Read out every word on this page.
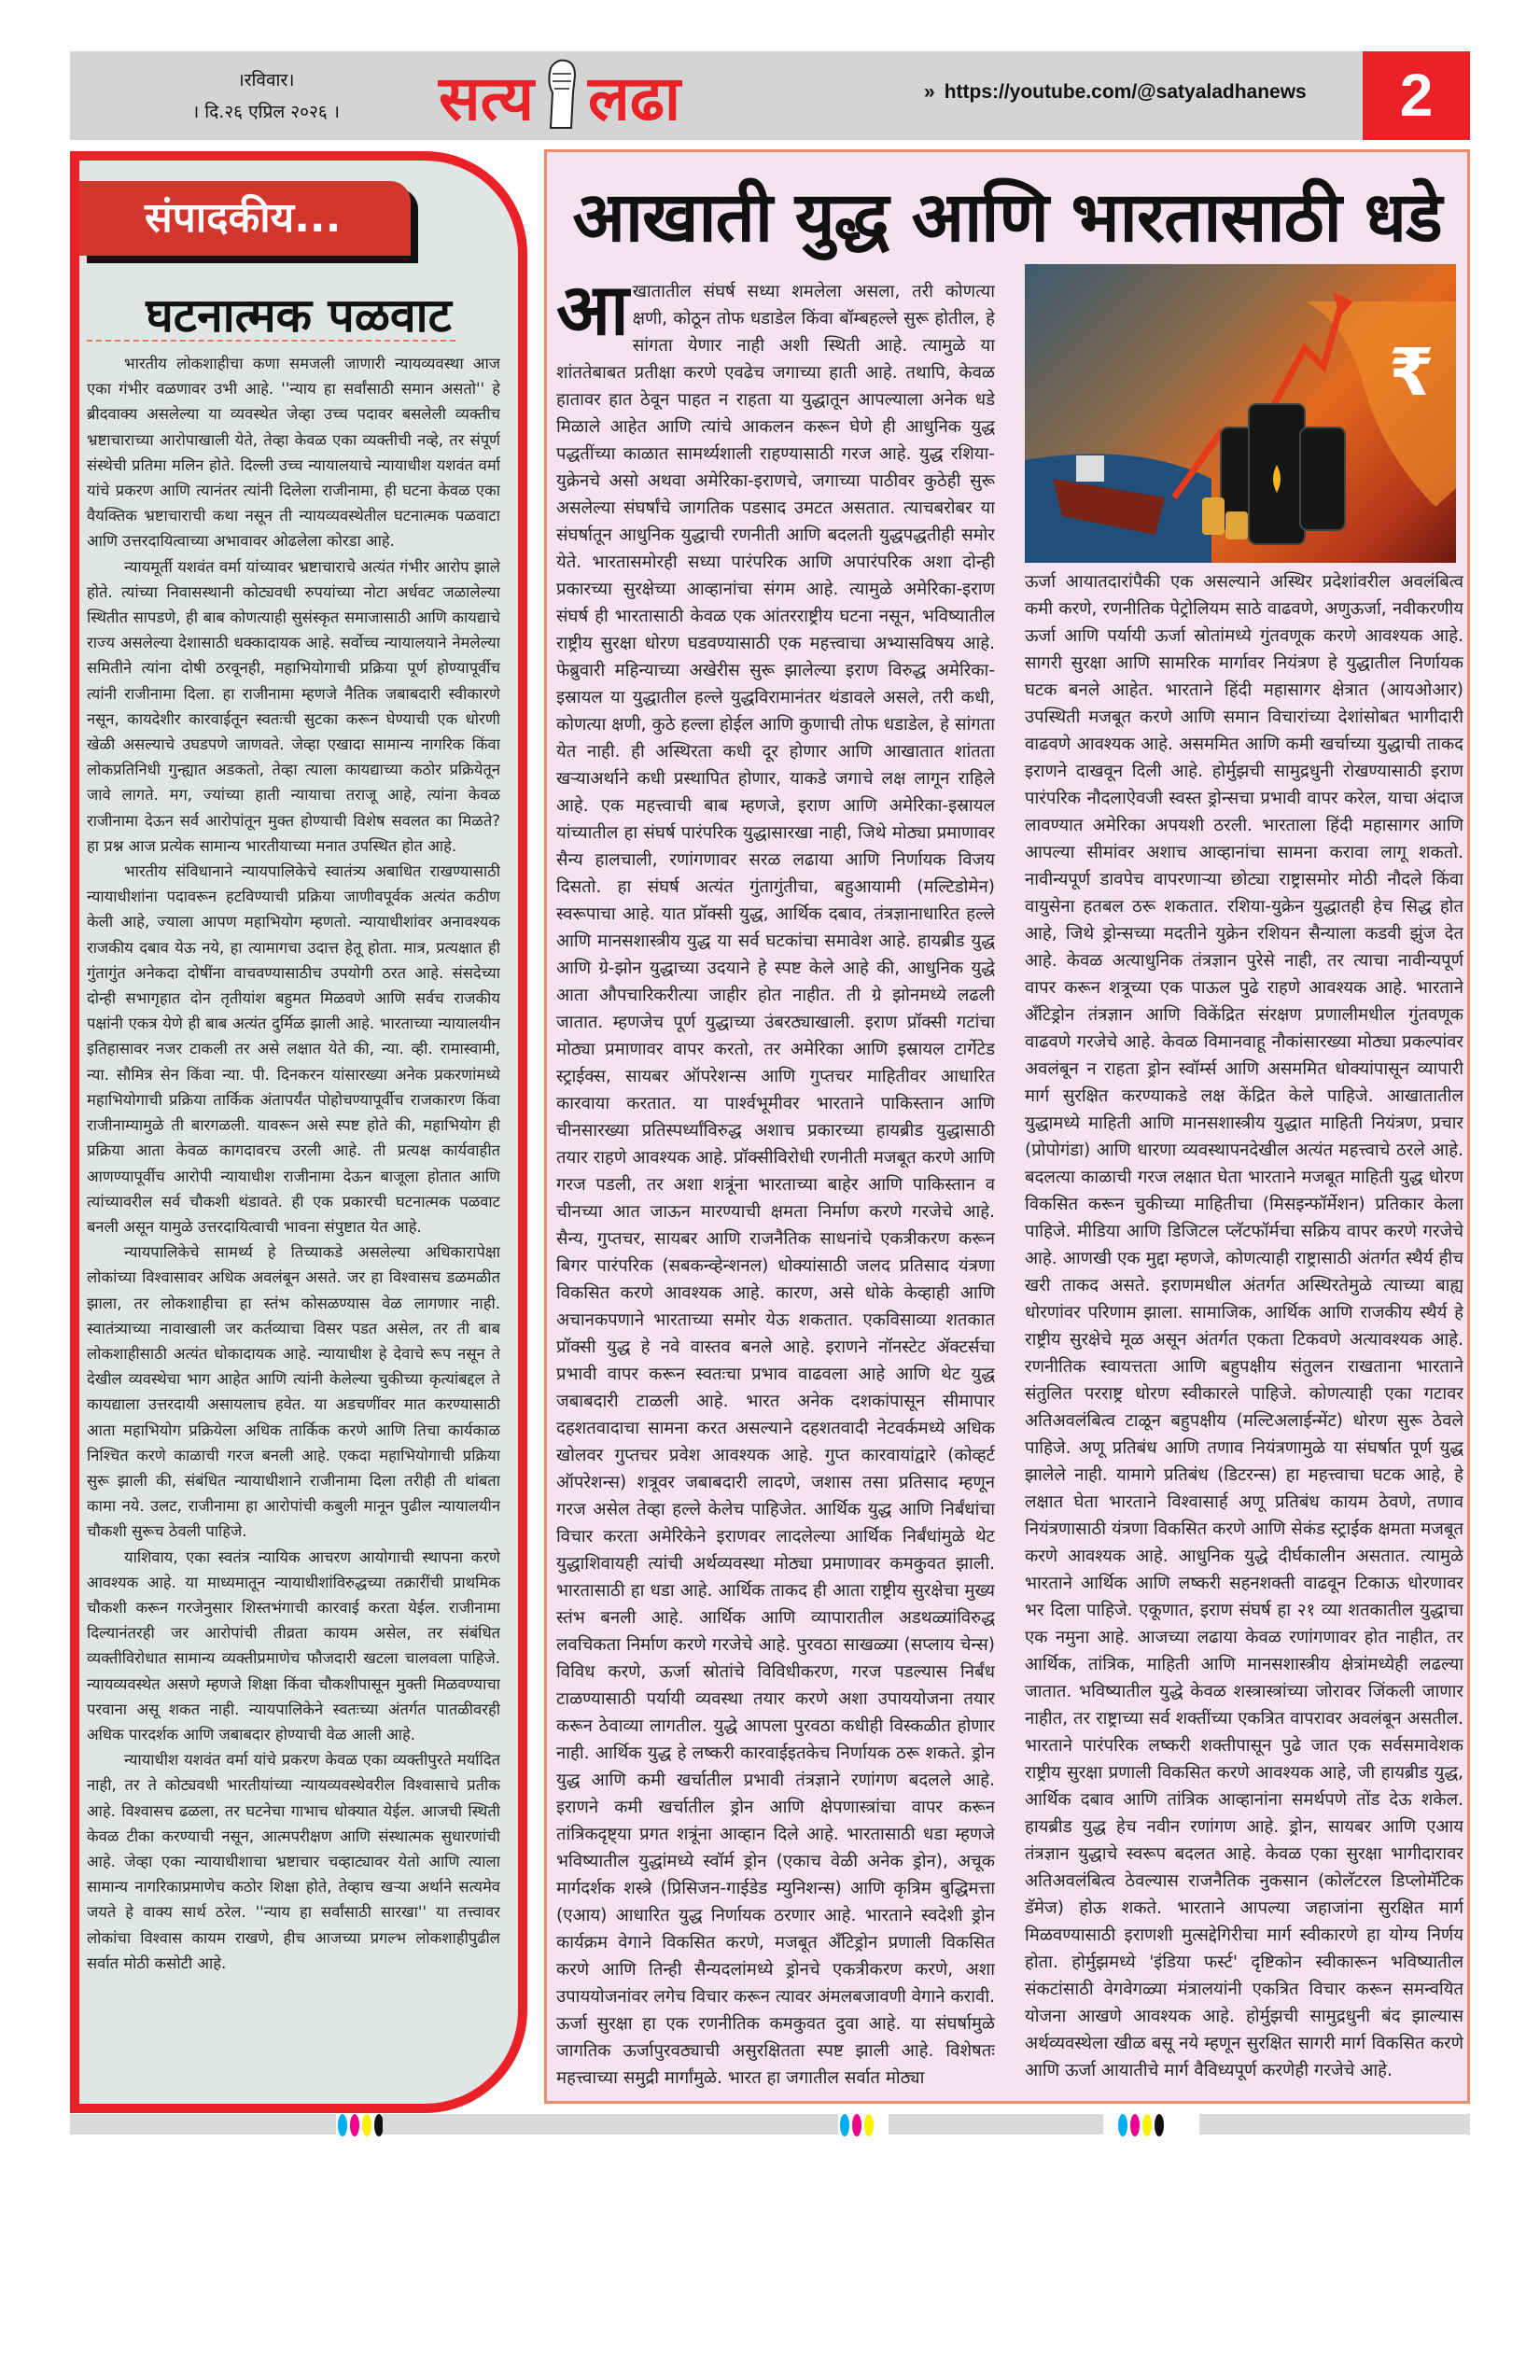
।रविवार।
। दि.२६ एप्रिल २०२६ ।	सत्य लढा	» https://youtube.com/@satyaladhanews	2
संपादकीय...
घटनात्मक पळवाट

भारतीय लोकशाहीचा कणा समजली जाणारी न्यायव्यवस्था आज एका गंभीर वळणावर उभी आहे. ''न्याय हा सर्वांसाठी समान असतो'' हे ब्रीदवाक्य असलेल्या या व्यवस्थेत जेव्हा उच्च पदावर बसलेली व्यक्तीच भ्रष्टाचाराच्या आरोपाखाली येते, तेव्हा केवळ एका व्यक्तीची नव्हे, तर संपूर्ण संस्थेची प्रतिमा मलिन होते. दिल्ली उच्च न्यायालयाचे न्यायाधीश यशवंत वर्मा यांचे प्रकरण आणि त्यानंतर त्यांनी दिलेला राजीनामा, ही घटना केवळ एका वैयक्तिक भ्रष्टाचाराची कथा नसून ती न्यायव्यवस्थेतील घटनात्मक पळवाटा आणि उत्तरदायित्वाच्या अभावावर ओढलेला कोरडा आहे.

न्यायमूर्ती यशवंत वर्मा यांच्यावर भ्रष्टाचाराचे अत्यंत गंभीर आरोप झाले होते. त्यांच्या निवासस्थानी कोट्यवधी रुपयांच्या नोटा अर्धवट जळालेल्या स्थितीत सापडणे, ही बाब कोणत्याही सुसंस्कृत समाजासाठी आणि कायद्याचे राज्य असलेल्या देशासाठी धक्कादायक आहे. सर्वोच्च न्यायालयाने नेमलेल्या समितीने त्यांना दोषी ठरवूनही, महाभियोगाची प्रक्रिया पूर्ण होण्यापूर्वीच त्यांनी राजीनामा दिला. हा राजीनामा म्हणजे नैतिक जबाबदारी स्वीकारणे नसून, कायदेशीर कारवाईतून स्वतःची सुटका करून घेण्याची एक धोरणी खेळी असल्याचे उघडपणे जाणवते. जेव्हा एखादा सामान्य नागरिक किंवा लोकप्रतिनिधी गुन्ह्यात अडकतो, तेव्हा त्याला कायद्याच्या कठोर प्रक्रियेतून जावे लागते. मग, ज्यांच्या हाती न्यायाचा तराजू आहे, त्यांना केवळ राजीनामा देऊन सर्व आरोपांतून मुक्त होण्याची विशेष सवलत का मिळते? हा प्रश्न आज प्रत्येक सामान्य भारतीयाच्या मनात उपस्थित होत आहे.

भारतीय संविधानाने न्यायपालिकेचे स्वातंत्र्य अबाधित राखण्यासाठी न्यायाधीशांना पदावरून हटविण्याची प्रक्रिया जाणीवपूर्वक अत्यंत कठीण केली आहे, ज्याला आपण महाभियोग म्हणतो. न्यायाधीशांवर अनावश्यक राजकीय दबाव येऊ नये, हा त्यामागचा उदात्त हेतू होता. मात्र, प्रत्यक्षात ही गुंतागुंत अनेकदा दोषींना वाचवण्यासाठीच उपयोगी ठरत आहे. संसदेच्या दोन्ही सभागृहात दोन तृतीयांश बहुमत मिळवणे आणि सर्वच राजकीय पक्षांनी एकत्र येणे ही बाब अत्यंत दुर्मिळ झाली आहे. भारताच्या न्यायालयीन इतिहासावर नजर टाकली तर असे लक्षात येते की, न्या. व्ही. रामास्वामी, न्या. सौमित्र सेन किंवा न्या. पी. दिनकरन यांसारख्या अनेक प्रकरणांमध्ये महाभियोगाची प्रक्रिया तार्किक अंतापर्यंत पोहोचण्यापूर्वीच राजकारण किंवा राजीनाम्यामुळे ती बारगळली. यावरून असे स्पष्ट होते की, महाभियोग ही प्रक्रिया आता केवळ कागदावरच उरली आहे. ती प्रत्यक्ष कार्यवाहीत आणण्यापूर्वीच आरोपी न्यायाधीश राजीनामा देऊन बाजूला होतात आणि त्यांच्यावरील सर्व चौकशी थंडावते. ही एक प्रकारची घटनात्मक पळवाट बनली असून यामुळे उत्तरदायित्वाची भावना संपुष्टात येत आहे.

न्यायपालिकेचे सामर्थ्य हे तिच्याकडे असलेल्या अधिकारापेक्षा लोकांच्या विश्वासावर अधिक अवलंबून असते. जर हा विश्वासच डळमळीत झाला, तर लोकशाहीचा हा स्तंभ कोसळण्यास वेळ लागणार नाही. स्वातंत्र्याच्या नावाखाली जर कर्तव्याचा विसर पडत असेल, तर ती बाब लोकशाहीसाठी अत्यंत धोकादायक आहे. न्यायाधीश हे देवाचे रूप नसून ते देखील व्यवस्थेचा भाग आहेत आणि त्यांनी केलेल्या चुकीच्या कृत्यांबद्दल ते कायद्याला उत्तरदायी असायलाच हवेत. या अडचणींवर मात करण्यासाठी आता महाभियोग प्रक्रियेला अधिक तार्किक करणे आणि तिचा कार्यकाळ निश्चित करणे काळाची गरज बनली आहे. एकदा महाभियोगाची प्रक्रिया सुरू झाली की, संबंधित न्यायाधीशाने राजीनामा दिला तरीही ती थांबता कामा नये. उलट, राजीनामा हा आरोपांची कबुली मानून पुढील न्यायालयीन चौकशी सुरूच ठेवली पाहिजे.

याशिवाय, एका स्वतंत्र न्यायिक आचरण आयोगाची स्थापना करणे आवश्यक आहे. या माध्यमातून न्यायाधीशांविरुद्धच्या तक्रारींची प्राथमिक चौकशी करून गरजेनुसार शिस्तभंगाची कारवाई करता येईल. राजीनामा दिल्यानंतरही जर आरोपांची तीव्रता कायम असेल, तर संबंधित व्यक्तीविरोधात सामान्य व्यक्तीप्रमाणेच फौजदारी खटला चालवला पाहिजे. न्यायव्यवस्थेत असणे म्हणजे शिक्षा किंवा चौकशीपासून मुक्ती मिळवण्याचा परवाना असू शकत नाही. न्यायपालिकेने स्वतःच्या अंतर्गत पातळीवरही अधिक पारदर्शक आणि जबाबदार होण्याची वेळ आली आहे.

न्यायाधीश यशवंत वर्मा यांचे प्रकरण केवळ एका व्यक्तीपुरते मर्यादित नाही, तर ते कोट्यवधी भारतीयांच्या न्यायव्यवस्थेवरील विश्वासाचे प्रतीक आहे. विश्वासच ढळला, तर घटनेचा गाभाच धोक्यात येईल. आजची स्थिती केवळ टीका करण्याची नसून, आत्मपरीक्षण आणि संस्थात्मक सुधारणांची आहे. जेव्हा एका न्यायाधीशाचा भ्रष्टाचार चव्हाट्यावर येतो आणि त्याला सामान्य नागरिकाप्रमाणेच कठोर शिक्षा होते, तेव्हाच खऱ्या अर्थाने सत्यमेव जयते हे वाक्य सार्थ ठरेल. ''न्याय हा सर्वांसाठी सारखा'' या तत्त्वावर लोकांचा विश्वास कायम राखणे, हीच आजच्या प्रगल्भ लोकशाहीपुढील सर्वात मोठी कसोटी आहे.

आखाती युद्ध आणि भारतासाठी धडे
आ खातातील संघर्ष सध्या शमलेला असला, तरी कोणत्या क्षणी, कोठून तोफ धडाडेल किंवा बॉम्बहल्ले सुरू होतील, हे सांगता येणार नाही अशी स्थिती आहे. त्यामुळे या शांततेबाबत प्रतीक्षा करणे एवढेच जगाच्या हाती आहे. तथापि, केवळ हातावर हात ठेवून पाहत न राहता या युद्धातून आपल्याला अनेक धडे मिळाले आहेत आणि त्यांचे आकलन करून घेणे ही आधुनिक युद्ध पद्धतींच्या काळात सामर्थ्यशाली राहण्यासाठी गरज आहे. युद्ध रशिया-युक्रेनचे असो अथवा अमेरिका-इराणचे, जगाच्या पाठीवर कुठेही सुरू असलेल्या संघर्षांचे जागतिक पडसाद उमटत असतात. त्याचबरोबर या संघर्षातून आधुनिक युद्धाची रणनीती आणि बदलती युद्धपद्धतीही समोर येते. भारतासमोरही सध्या पारंपरिक आणि अपारंपरिक अशा दोन्ही प्रकारच्या सुरक्षेच्या आव्हानांचा संगम आहे. त्यामुळे अमेरिका-इराण संघर्ष ही भारतासाठी केवळ एक आंतरराष्ट्रीय घटना नसून, भविष्यातील राष्ट्रीय सुरक्षा धोरण घडवण्यासाठी एक महत्त्वाचा अभ्यासविषय आहे. फेब्रुवारी महिन्याच्या अखेरीस सुरू झालेल्या इराण विरुद्ध अमेरिका-इस्रायल या युद्धातील हल्ले युद्धविरामानंतर थंडावले असले, तरी कधी, कोणत्या क्षणी, कुठे हल्ला होईल आणि कुणाची तोफ धडाडेल, हे सांगता येत नाही. ही अस्थिरता कधी दूर होणार आणि आखातात शांतता खऱ्याअर्थाने कधी प्रस्थापित होणार, याकडे जगाचे लक्ष लागून राहिले आहे. एक महत्त्वाची बाब म्हणजे, इराण आणि अमेरिका-इस्रायल यांच्यातील हा संघर्ष पारंपरिक युद्धासारखा नाही, जिथे मोठ्या प्रमाणावर सैन्य हालचाली, रणांगणावर सरळ लढाया आणि निर्णायक विजय दिसतो. हा संघर्ष अत्यंत गुंतागुंतीचा, बहुआयामी (मल्टिडोमेन) स्वरूपाचा आहे. यात प्रॉक्सी युद्ध, आर्थिक दबाव, तंत्रज्ञानाधारित हल्ले आणि मानसशास्त्रीय युद्ध या सर्व घटकांचा समावेश आहे. हायब्रीड युद्ध आणि ग्रे-झोन युद्धाच्या उदयाने हे स्पष्ट केले आहे की, आधुनिक युद्धे आता औपचारिकरीत्या जाहीर होत नाहीत. ती ग्रे झोनमध्ये लढली जातात. म्हणजेच पूर्ण युद्धाच्या उंबरठ्याखाली. इराण प्रॉक्सी गटांचा मोठ्या प्रमाणावर वापर करतो, तर अमेरिका आणि इस्रायल टार्गेटेड स्ट्राईक्स, सायबर ऑपरेशन्स आणि गुप्तचर माहितीवर आधारित कारवाया करतात. या पार्श्वभूमीवर भारताने पाकिस्तान आणि चीनसारख्या प्रतिस्पर्ध्यांविरुद्ध अशाच प्रकारच्या हायब्रीड युद्धासाठी तयार राहणे आवश्यक आहे. प्रॉक्सीविरोधी रणनीती मजबूत करणे आणि गरज पडली, तर अशा शत्रूंना भारताच्या बाहेर आणि पाकिस्तान व चीनच्या आत जाऊन मारण्याची क्षमता निर्माण करणे गरजेचे आहे. सैन्य, गुप्तचर, सायबर आणि राजनैतिक साधनांचे एकत्रीकरण करून बिगर पारंपरिक (सबकन्व्हेन्शनल) धोक्यांसाठी जलद प्रतिसाद यंत्रणा विकसित करणे आवश्यक आहे. कारण, असे धोके केव्हाही आणि अचानकपणाने भारताच्या समोर येऊ शकतात. एकविसाव्या शतकात प्रॉक्सी युद्ध हे नवे वास्तव बनले आहे. इराणने नॉनस्टेट ॲक्टर्सचा प्रभावी वापर करून स्वतःचा प्रभाव वाढवला आहे आणि थेट युद्ध जबाबदारी टाळली आहे. भारत अनेक दशकांपासून सीमापार दहशतवादाचा सामना करत असल्याने दहशतवादी नेटवर्कमध्ये अधिक खोलवर गुप्तचर प्रवेश आवश्यक आहे. गुप्त कारवायांद्वारे (कोव्हर्ट ऑपरेशन्स) शत्रूवर जबाबदारी लादणे, जशास तसा प्रतिसाद म्हणून गरज असेल तेव्हा हल्ले केलेच पाहिजेत. आर्थिक युद्ध आणि निर्बंधांचा विचार करता अमेरिकेने इराणवर लादलेल्या आर्थिक निर्बंधांमुळे थेट युद्धाशिवायही त्यांची अर्थव्यवस्था मोठ्या प्रमाणावर कमकुवत झाली. भारतासाठी हा धडा आहे. आर्थिक ताकद ही आता राष्ट्रीय सुरक्षेचा मुख्य स्तंभ बनली आहे. आर्थिक आणि व्यापारातील अडथळ्यांविरुद्ध लवचिकता निर्माण करणे गरजेचे आहे. पुरवठा साखळ्या (सप्लाय चेन्स) विविध करणे, ऊर्जा स्रोतांचे विविधीकरण, गरज पडल्यास निर्बंध टाळण्यासाठी पर्यायी व्यवस्था तयार करणे अशा उपाययोजना तयार करून ठेवाव्या लागतील. युद्धे आपला पुरवठा कधीही विस्कळीत होणार नाही. आर्थिक युद्ध हे लष्करी कारवाईइतकेच निर्णायक ठरू शकते. ड्रोन युद्ध आणि कमी खर्चातील प्रभावी तंत्रज्ञाने रणांगण बदलले आहे. इराणने कमी खर्चातील ड्रोन आणि क्षेपणास्त्रांचा वापर करून तांत्रिकदृष्ट्या प्रगत शत्रूंना आव्हान दिले आहे. भारतासाठी धडा म्हणजे भविष्यातील युद्धांमध्ये स्वॉर्म ड्रोन (एकाच वेळी अनेक ड्रोन), अचूक मार्गदर्शक शस्त्रे (प्रिसिजन-गाईडेड म्युनिशन्स) आणि कृत्रिम बुद्धिमत्ता (एआय) आधारित युद्ध निर्णायक ठरणार आहे. भारताने स्वदेशी ड्रोन कार्यक्रम वेगाने विकसित करणे, मजबूत अँटिड्रोन प्रणाली विकसित करणे आणि तिन्ही सैन्यदलांमध्ये ड्रोनचे एकत्रीकरण करणे, अशा उपाययोजनांवर लगेच विचार करून त्यावर अंमलबजावणी वेगाने करावी. ऊर्जा सुरक्षा हा एक रणनीतिक कमकुवत दुवा आहे. या संघर्षामुळे जागतिक ऊर्जापुरवठ्याची असुरक्षितता स्पष्ट झाली आहे. विशेषतः महत्त्वाच्या समुद्री मार्गांमुळे. भारत हा जगातील सर्वात मोठ्या
₹
ऊर्जा आयातदारांपैकी एक असल्याने अस्थिर प्रदेशांवरील अवलंबित्व कमी करणे, रणनीतिक पेट्रोलियम साठे वाढवणे, अणुऊर्जा, नवीकरणीय ऊर्जा आणि पर्यायी ऊर्जा स्रोतांमध्ये गुंतवणूक करणे आवश्यक आहे. सागरी सुरक्षा आणि सामरिक मार्गावर नियंत्रण हे युद्धातील निर्णायक घटक बनले आहेत. भारताने हिंदी महासागर क्षेत्रात (आयओआर) उपस्थिती मजबूत करणे आणि समान विचारांच्या देशांसोबत भागीदारी वाढवणे आवश्यक आहे. असममित आणि कमी खर्चाच्या युद्धाची ताकद इराणने दाखवून दिली आहे. होर्मुझची सामुद्रधुनी रोखण्यासाठी इराण पारंपरिक नौदलाऐवजी स्वस्त ड्रोन्सचा प्रभावी वापर करेल, याचा अंदाज लावण्यात अमेरिका अपयशी ठरली. भारताला हिंदी महासागर आणि आपल्या सीमांवर अशाच आव्हानांचा सामना करावा लागू शकतो. नावीन्यपूर्ण डावपेच वापरणाऱ्या छोट्या राष्ट्रासमोर मोठी नौदले किंवा वायुसेना हतबल ठरू शकतात. रशिया-युक्रेन युद्धातही हेच सिद्ध होत आहे, जिथे ड्रोन्सच्या मदतीने युक्रेन रशियन सैन्याला कडवी झुंज देत आहे. केवळ अत्याधुनिक तंत्रज्ञान पुरेसे नाही, तर त्याचा नावीन्यपूर्ण वापर करून शत्रूच्या एक पाऊल पुढे राहणे आवश्यक आहे. भारताने अँटिड्रोन तंत्रज्ञान आणि विकेंद्रित संरक्षण प्रणालीमधील गुंतवणूक वाढवणे गरजेचे आहे. केवळ विमानवाहू नौकांसारख्या मोठ्या प्रकल्पांवर अवलंबून न राहता ड्रोन स्वॉर्म्स आणि असममित धोक्यांपासून व्यापारी मार्ग सुरक्षित करण्याकडे लक्ष केंद्रित केले पाहिजे. आखातातील युद्धामध्ये माहिती आणि मानसशास्त्रीय युद्धात माहिती नियंत्रण, प्रचार (प्रोपोगंडा) आणि धारणा व्यवस्थापनदेखील अत्यंत महत्त्वाचे ठरले आहे. बदलत्या काळाची गरज लक्षात घेता भारताने मजबूत माहिती युद्ध धोरण विकसित करून चुकीच्या माहितीचा (मिसइन्फॉर्मेशन) प्रतिकार केला पाहिजे. मीडिया आणि डिजिटल प्लॅटफॉर्मचा सक्रिय वापर करणे गरजेचे आहे. आणखी एक मुद्दा म्हणजे, कोणत्याही राष्ट्रासाठी अंतर्गत स्थैर्य हीच खरी ताकद असते. इराणमधील अंतर्गत अस्थिरतेमुळे त्याच्या बाह्य धोरणांवर परिणाम झाला. सामाजिक, आर्थिक आणि राजकीय स्थैर्य हे राष्ट्रीय सुरक्षेचे मूळ असून अंतर्गत एकता टिकवणे अत्यावश्यक आहे. रणनीतिक स्वायत्तता आणि बहुपक्षीय संतुलन राखताना भारताने संतुलित परराष्ट्र धोरण स्वीकारले पाहिजे. कोणत्याही एका गटावर अतिअवलंबित्व टाळून बहुपक्षीय (मल्टिअलाईन्मेंट) धोरण सुरू ठेवले पाहिजे. अणू प्रतिबंध आणि तणाव नियंत्रणामुळे या संघर्षात पूर्ण युद्ध झालेले नाही. यामागे प्रतिबंध (डिटरन्स) हा महत्त्वाचा घटक आहे, हे लक्षात घेता भारताने विश्वासार्ह अणू प्रतिबंध कायम ठेवणे, तणाव नियंत्रणासाठी यंत्रणा विकसित करणे आणि सेकंड स्ट्राईक क्षमता मजबूत करणे आवश्यक आहे. आधुनिक युद्धे दीर्घकालीन असतात. त्यामुळे भारताने आर्थिक आणि लष्करी सहनशक्ती वाढवून टिकाऊ धोरणावर भर दिला पाहिजे. एकूणात, इराण संघर्ष हा २१ व्या शतकातील युद्धाचा एक नमुना आहे. आजच्या लढाया केवळ रणांगणावर होत नाहीत, तर आर्थिक, तांत्रिक, माहिती आणि मानसशास्त्रीय क्षेत्रांमध्येही लढल्या जातात. भविष्यातील युद्धे केवळ शस्त्रास्त्रांच्या जोरावर जिंकली जाणार नाहीत, तर राष्ट्राच्या सर्व शक्तींच्या एकत्रित वापरावर अवलंबून असतील. भारताने पारंपरिक लष्करी शक्तीपासून पुढे जात एक सर्वसमावेशक राष्ट्रीय सुरक्षा प्रणाली विकसित करणे आवश्यक आहे, जी हायब्रीड युद्ध, आर्थिक दबाव आणि तांत्रिक आव्हानांना समर्थपणे तोंड देऊ शकेल. हायब्रीड युद्ध हेच नवीन रणांगण आहे. ड्रोन, सायबर आणि एआय तंत्रज्ञान युद्धाचे स्वरूप बदलत आहे. केवळ एका सुरक्षा भागीदारावर अतिअवलंबित्व ठेवल्यास राजनैतिक नुकसान (कोलॅटरल डिप्लोमॅटिक डॅमेज) होऊ शकते. भारताने आपल्या जहाजांना सुरक्षित मार्ग मिळवण्यासाठी इराणशी मुत्सद्देगिरीचा मार्ग स्वीकारणे हा योग्य निर्णय होता. होर्मुझमध्ये 'इंडिया फर्स्ट' दृष्टिकोन स्वीकारून भविष्यातील संकटांसाठी वेगवेगळ्या मंत्रालयांनी एकत्रित विचार करून समन्वयित योजना आखणे आवश्यक आहे. होर्मुझची सामुद्रधुनी बंद झाल्यास अर्थव्यवस्थेला खीळ बसू नये म्हणून सुरक्षित सागरी मार्ग विकसित करणे आणि ऊर्जा आयातीचे मार्ग वैविध्यपूर्ण करणेही गरजेचे आहे.
